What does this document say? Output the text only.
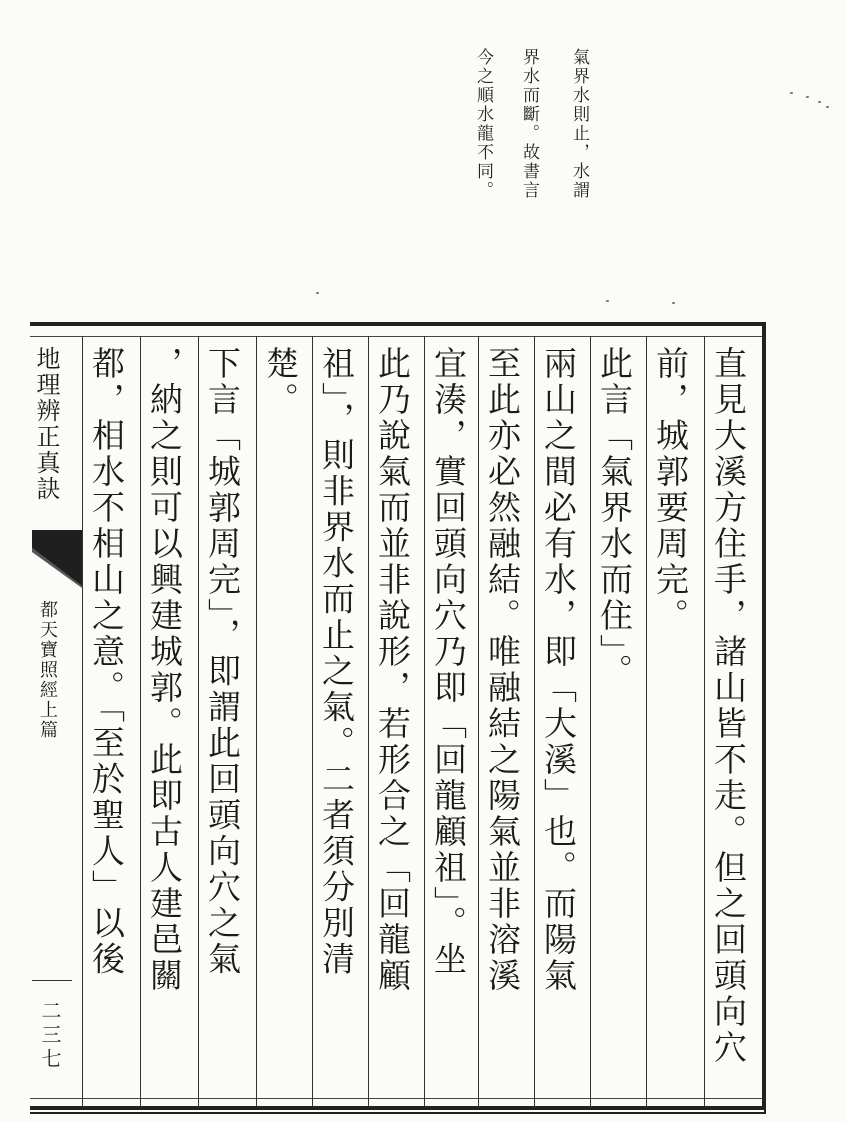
氣界水則止，水謂
界水而斷。故書言
今之順水龍不同。
直見大溪方住手，諸山皆不走。但之回頭向穴
前，城郭要周完。
此言「氣界水而住」。
兩山之間必有水，即「大溪」也。而陽氣
至此亦必然融結。唯融結之陽氣並非溶溪
宜湊，實回頭向穴乃即「回龍顧祖」。坐
此乃說氣而並非說形，若形合之「回龍顧
祖」，則非界水而止之氣。二者須分別清
楚。
下言「城郭周完」，即謂此回頭向穴之氣
，納之則可以興建城郭。此即古人建邑關
都，相水不相山之意。「至於聖人」以後
地理辨正真訣
都天寶照經上篇
二三七
